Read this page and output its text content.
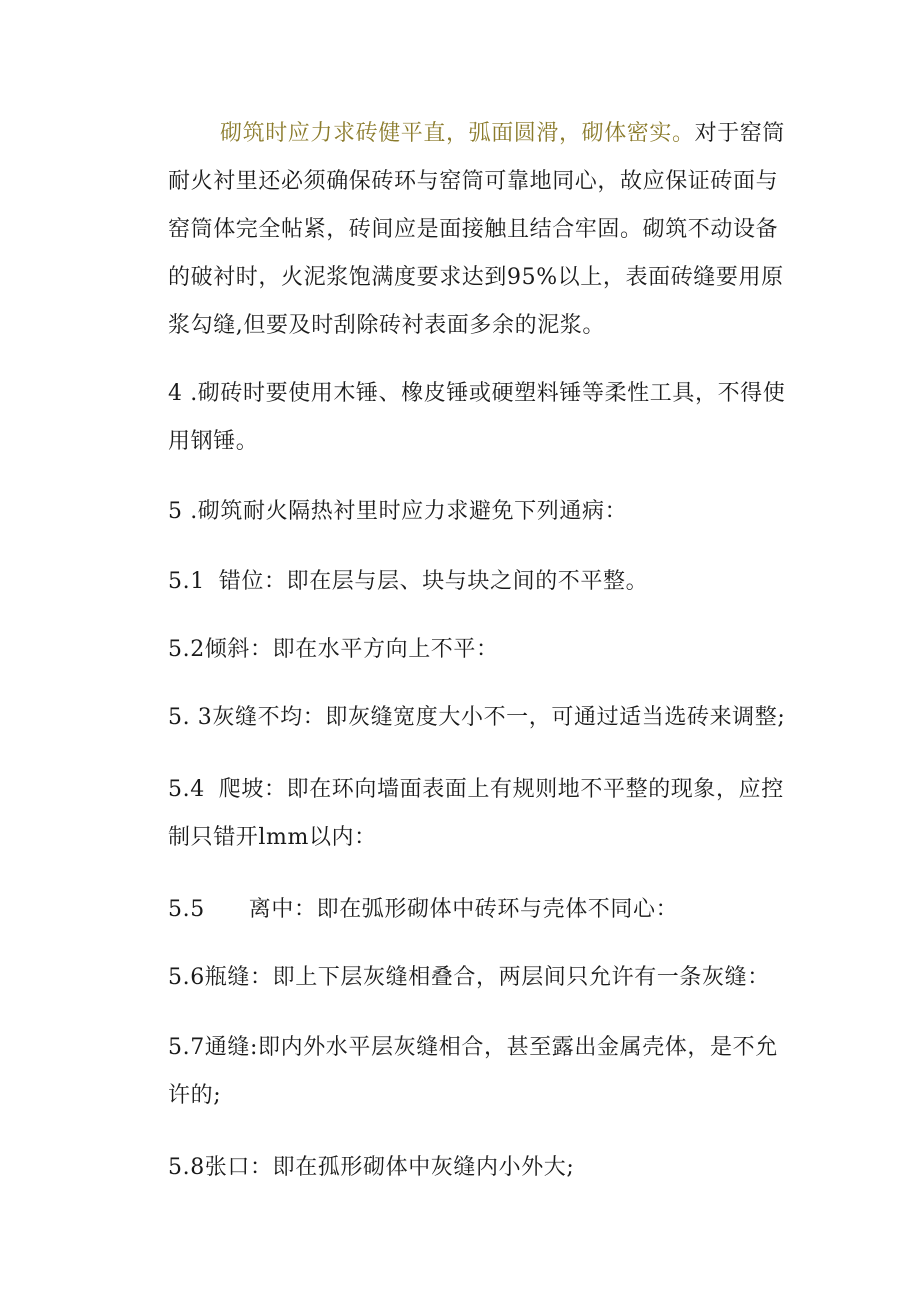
砌筑时应力求砖健平直，弧面圆滑，砌体密实。对于窑筒耐火衬里还必须确保砖环与窑筒可靠地同心，故应保证砖面与窑筒体完全帖紧，砖间应是面接触且结合牢固。砌筑不动设备的破衬时，火泥浆饱满度要求达到95%以上，表面砖缝要用原浆勾缝,但要及时刮除砖衬表面多余的泥浆。

4 .砌砖时要使用木锤、橡皮锤或硬塑料锤等柔性工具，不得使用钢锤。

5 .砌筑耐火隔热衬里时应力求避免下列通病：

5.1 错位：即在层与层、块与块之间的不平整。

5.2倾斜：即在水平方向上不平：

5. 3灰缝不均：即灰缝宽度大小不一，可通过适当选砖来调整;

5.4 爬坡：即在环向墙面表面上有规则地不平整的现象，应控制只错开lmm以内：

5.5 离中：即在弧形砌体中砖环与壳体不同心：

5.6瓶缝：即上下层灰缝相叠合，两层间只允许有一条灰缝：

5.7通缝:即内外水平层灰缝相合，甚至露出金属壳体，是不允许的;

5.8张口：即在孤形砌体中灰缝内小外大;
